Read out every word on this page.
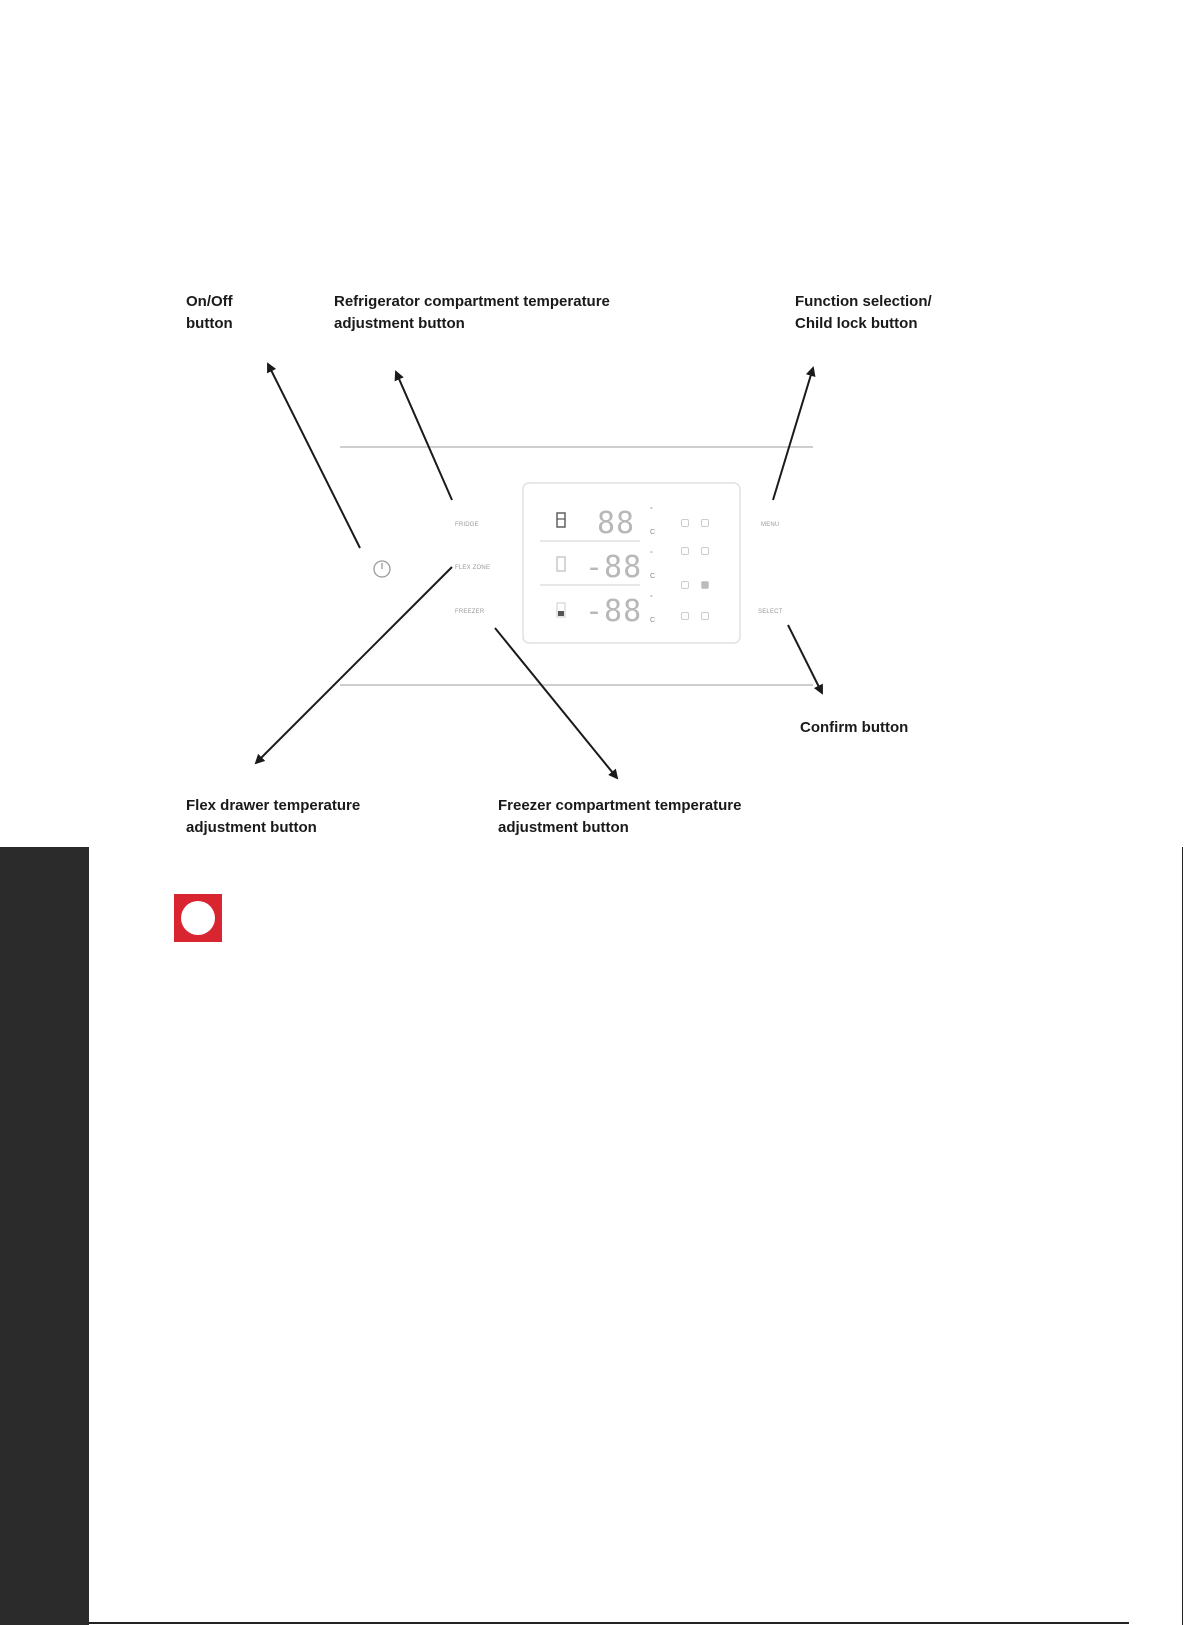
On/Off
button
Refrigerator compartment temperature
adjustment button
Function selection/
Child lock button
Confirm button
Flex drawer temperature
adjustment button
Freezer compartment temperature
adjustment button
FRIDGE
FLEX ZONE
FREEZER
MENU
SELECT
88
-88
-88
°
C
°
C
°
C
